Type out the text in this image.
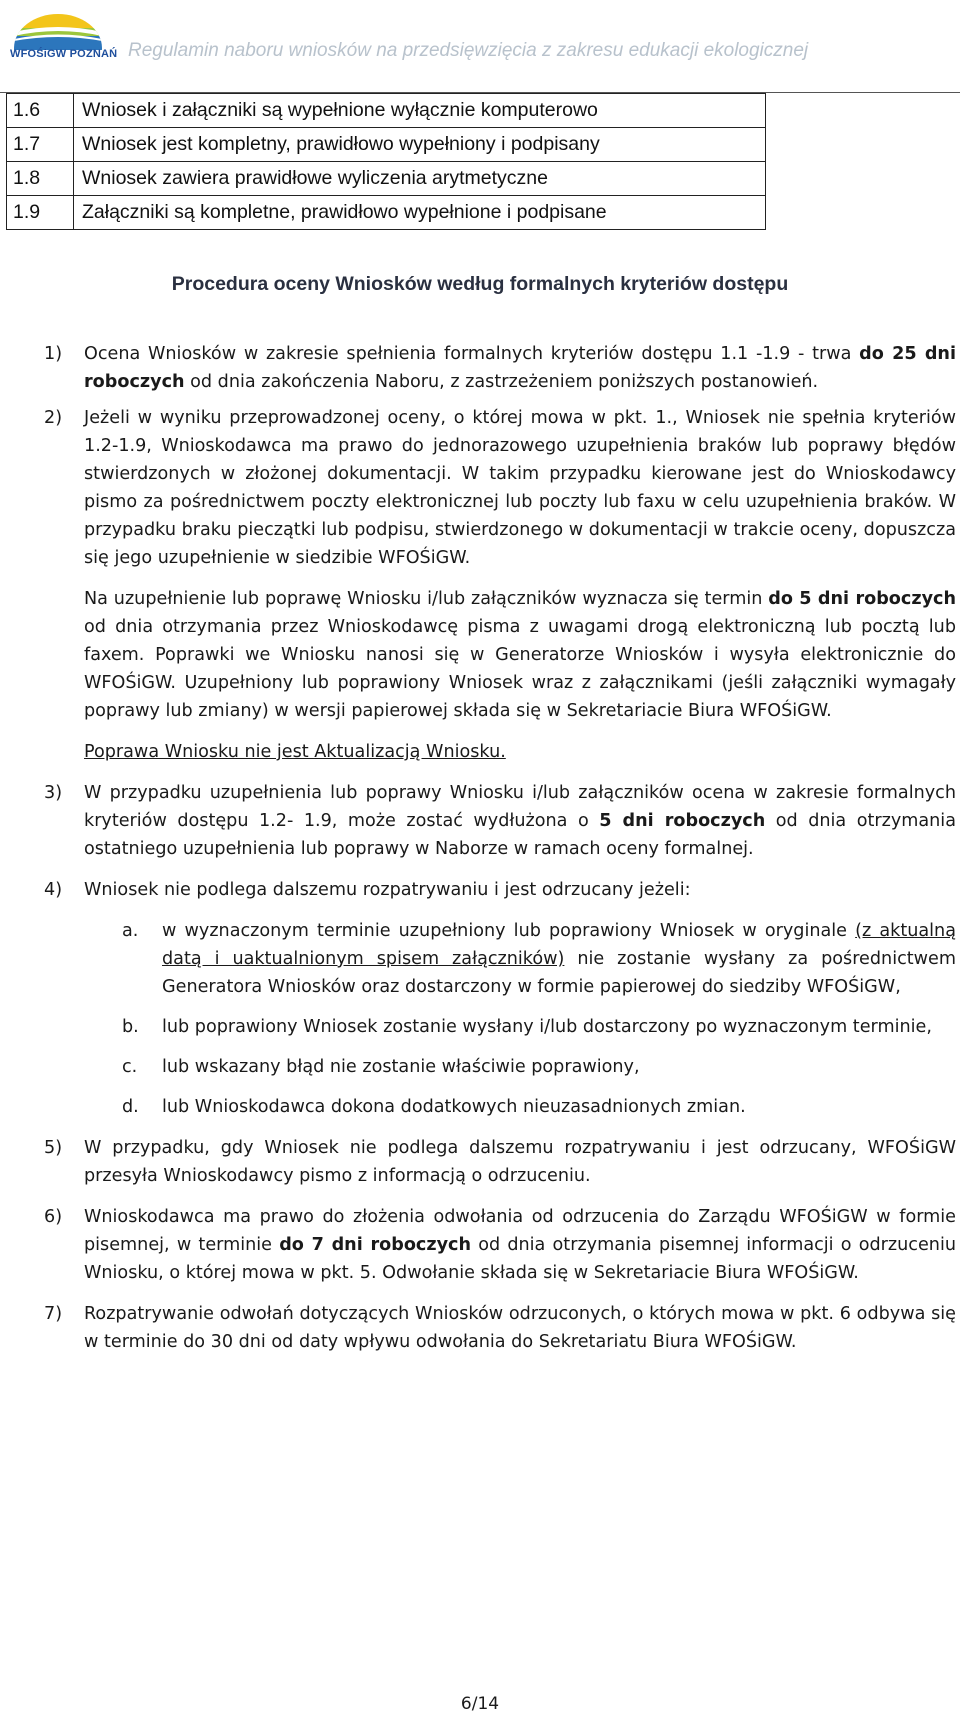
WFOŚiGW POZNAŃ Regulamin naboru wniosków na przedsięwzięcia z zakresu edukacji ekologicznej
1.6	Wniosek i załączniki są wypełnione wyłącznie komputerowo
1.7	Wniosek jest kompletny, prawidłowo wypełniony i podpisany
1.8	Wniosek zawiera prawidłowe wyliczenia arytmetyczne
1.9	Załączniki są kompletne, prawidłowo wypełnione i podpisane
Procedura oceny Wniosków według formalnych kryteriów dostępu
1) Ocena Wniosków w zakresie spełnienia formalnych kryteriów dostępu 1.1 -1.9 - trwa do 25 dni roboczych od dnia zakończenia Naboru, z zastrzeżeniem poniższych postanowień.
2) Jeżeli w wyniku przeprowadzonej oceny, o której mowa w pkt. 1., Wniosek nie spełnia kryteriów 1.2-1.9, Wnioskodawca ma prawo do jednorazowego uzupełnienia braków lub poprawy błędów stwierdzonych w złożonej dokumentacji. W takim przypadku kierowane jest do Wnioskodawcy pismo za pośrednictwem poczty elektronicznej lub poczty lub faxu w celu uzupełnienia braków. W przypadku braku pieczątki lub podpisu, stwierdzonego w dokumentacji w trakcie oceny, dopuszcza się jego uzupełnienie w siedzibie WFOŚiGW.
Na uzupełnienie lub poprawę Wniosku i/lub załączników wyznacza się termin do 5 dni roboczych od dnia otrzymania przez Wnioskodawcę pisma z uwagami drogą elektroniczną lub pocztą lub faxem. Poprawki we Wniosku nanosi się w Generatorze Wniosków i wysyła elektronicznie do WFOŚiGW. Uzupełniony lub poprawiony Wniosek wraz z załącznikami (jeśli załączniki wymagały poprawy lub zmiany) w wersji papierowej składa się w Sekretariacie Biura WFOŚiGW.
Poprawa Wniosku nie jest Aktualizacją Wniosku.
3) W przypadku uzupełnienia lub poprawy Wniosku i/lub załączników ocena w zakresie formalnych kryteriów dostępu 1.2- 1.9, może zostać wydłużona o 5 dni roboczych od dnia otrzymania ostatniego uzupełnienia lub poprawy w Naborze w ramach oceny formalnej.
4) Wniosek nie podlega dalszemu rozpatrywaniu i jest odrzucany jeżeli:
a. w wyznaczonym terminie uzupełniony lub poprawiony Wniosek w oryginale (z aktualną datą i uaktualnionym spisem załączników) nie zostanie wysłany za pośrednictwem Generatora Wniosków oraz dostarczony w formie papierowej do siedziby WFOŚiGW,
b. lub poprawiony Wniosek zostanie wysłany i/lub dostarczony po wyznaczonym terminie,
c. lub wskazany błąd nie zostanie właściwie poprawiony,
d. lub Wnioskodawca dokona dodatkowych nieuzasadnionych zmian.
5) W przypadku, gdy Wniosek nie podlega dalszemu rozpatrywaniu i jest odrzucany, WFOŚiGW przesyła Wnioskodawcy pismo z informacją o odrzuceniu.
6) Wnioskodawca ma prawo do złożenia odwołania od odrzucenia do Zarządu WFOŚiGW w formie pisemnej, w terminie do 7 dni roboczych od dnia otrzymania pisemnej informacji o odrzuceniu Wniosku, o której mowa w pkt. 5. Odwołanie składa się w Sekretariacie Biura WFOŚiGW.
7) Rozpatrywanie odwołań dotyczących Wniosków odrzuconych, o których mowa w pkt. 6 odbywa się w terminie do 30 dni od daty wpływu odwołania do Sekretariatu Biura WFOŚiGW.
6/14
